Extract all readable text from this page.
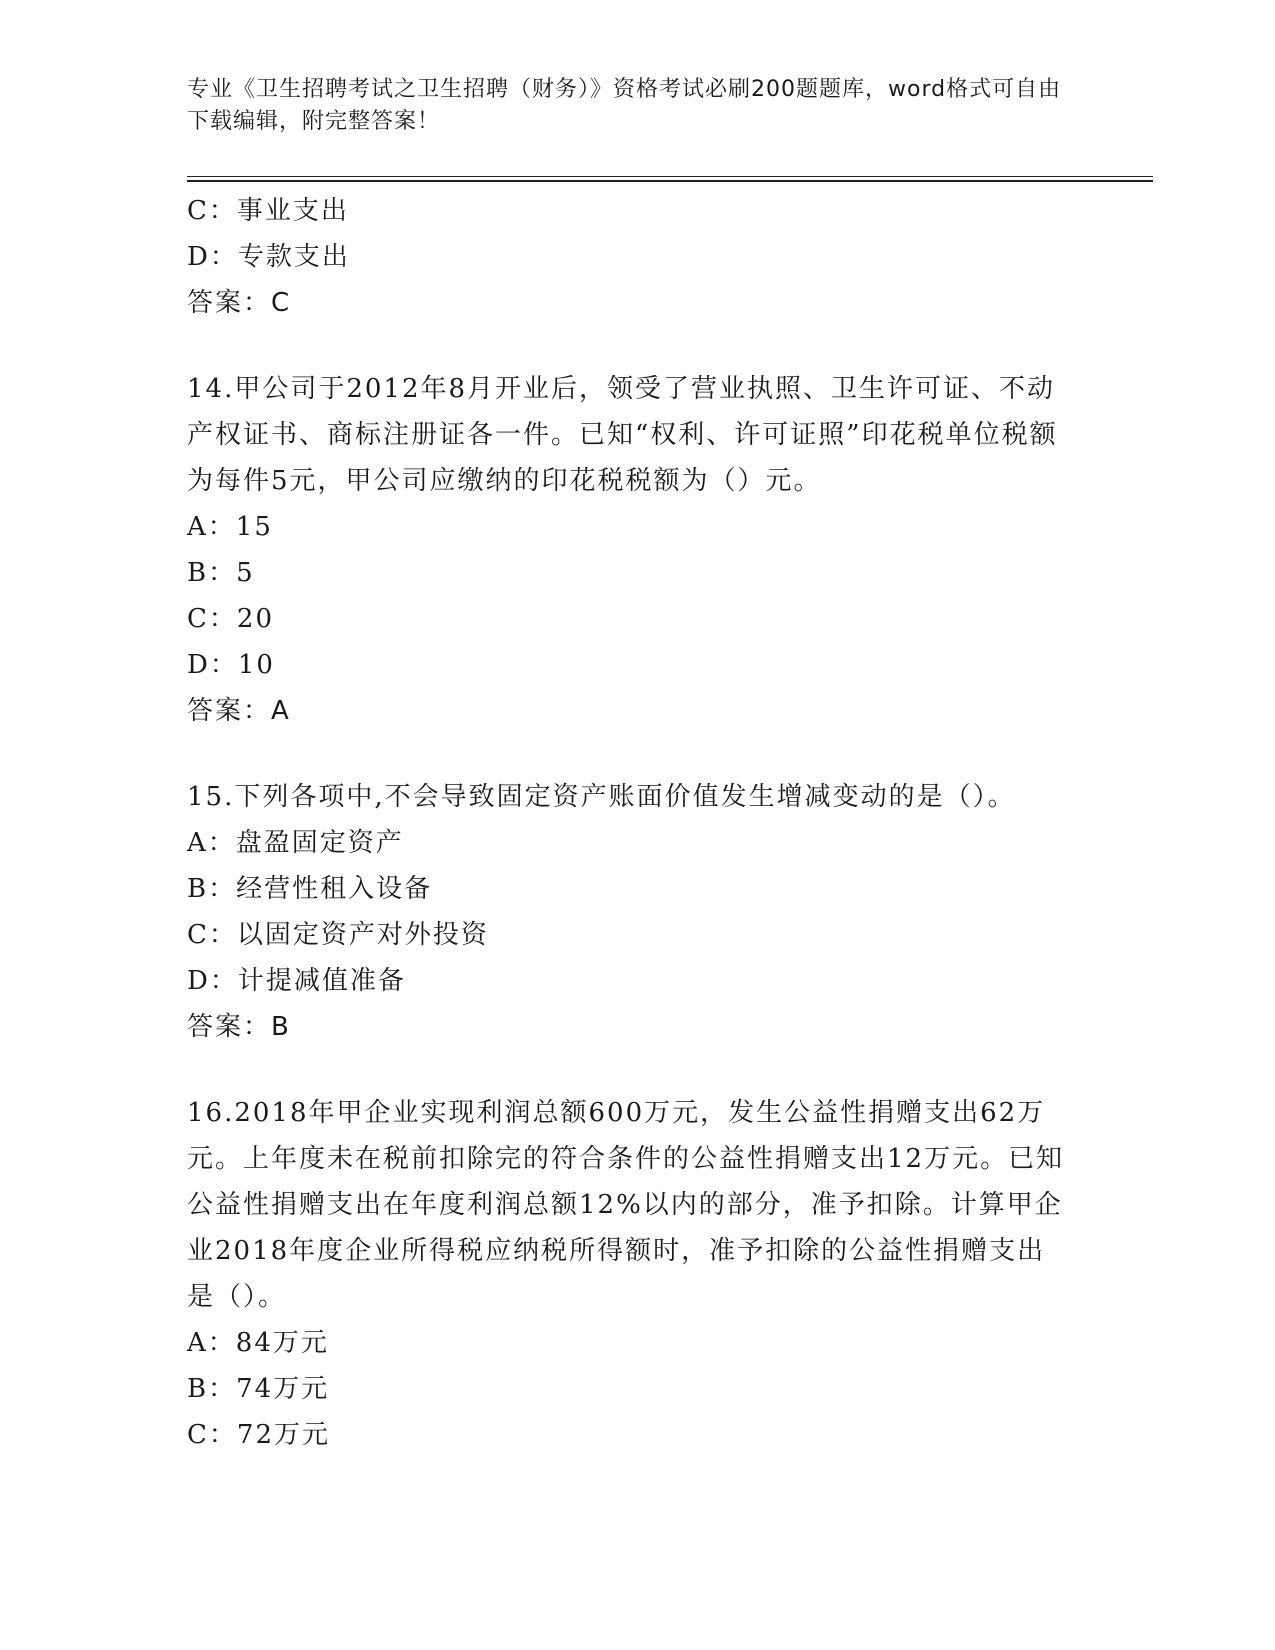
专业《卫生招聘考试之卫生招聘（财务）》资格考试必刷200题题库，word格式可自由下载编辑，附完整答案！
C：事业支出
D：专款支出
答案：C
14.甲公司于2012年8月开业后，领受了营业执照、卫生许可证、不动产权证书、商标注册证各一件。已知“权利、许可证照”印花税单位税额为每件5元，甲公司应缴纳的印花税税额为（）元。
A：15
B：5
C：20
D：10
答案：A
15.下列各项中,不会导致固定资产账面价值发生增减变动的是（）。
A：盘盈固定资产
B：经营性租入设备
C：以固定资产对外投资
D：计提减值准备
答案：B
16.2018年甲企业实现利润总额600万元，发生公益性捐赠支出62万元。上年度未在税前扣除完的符合条件的公益性捐赠支出12万元。已知公益性捐赠支出在年度利润总额12%以内的部分，准予扣除。计算甲企业2018年度企业所得税应纳税所得额时，准予扣除的公益性捐赠支出是（）。
A：84万元
B：74万元
C：72万元
